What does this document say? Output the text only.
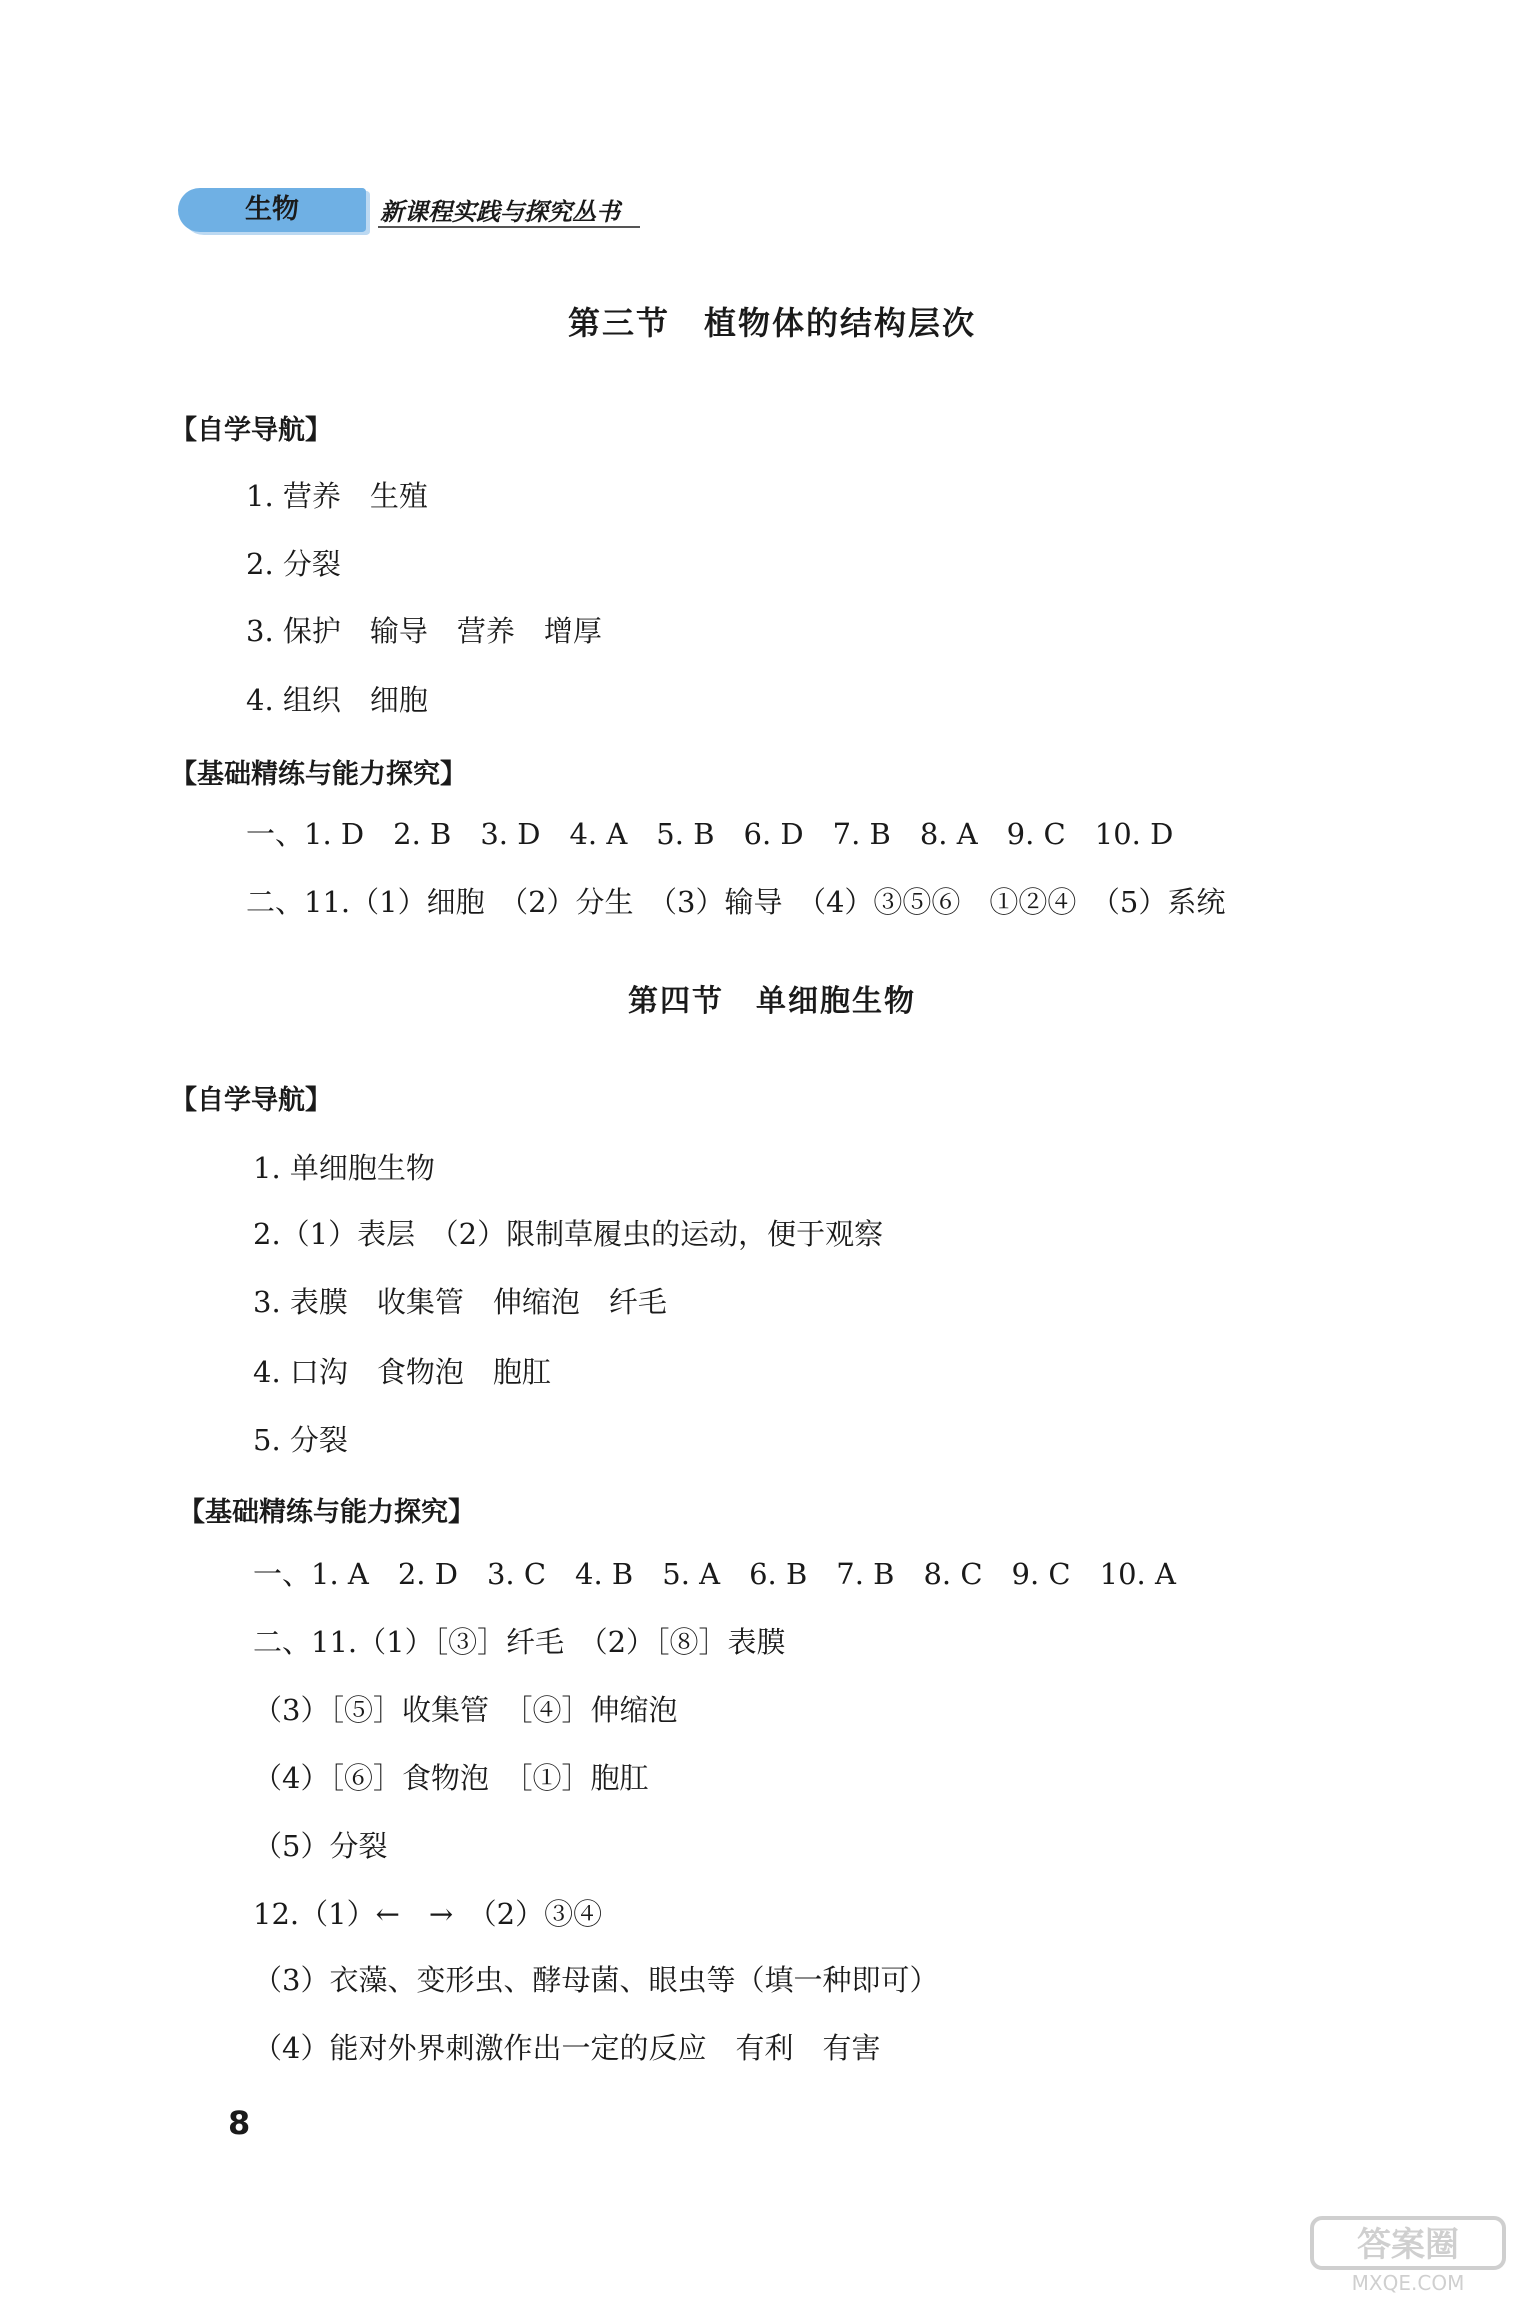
生物	新课程实践与探究丛书
第三节　植物体的结构层次
【自学导航】
1. 营养　生殖
2. 分裂
3. 保护　输导　营养　增厚
4. 组织　细胞
【基础精练与能力探究】
一、1. D　2. B　3. D　4. A　5. B　6. D　7. B　8. A　9. C　10. D
二、11.（1）细胞　（2）分生　（3）输导　（4）③⑤⑥　①②④　（5）系统
第四节　单细胞生物
【自学导航】
1. 单细胞生物
2.（1）表层　（2）限制草履虫的运动，便于观察
3. 表膜　收集管　伸缩泡　纤毛
4. 口沟　食物泡　胞肛
5. 分裂
【基础精练与能力探究】
一、1. A　2. D　3. C　4. B　5. A　6. B　7. B　8. C　9. C　10. A
二、11.（1）［③］纤毛　（2）［⑧］表膜
（3）［⑤］收集管　［④］伸缩泡
（4）［⑥］食物泡　［①］胞肛
（5）分裂
12.（1）←　→　（2）③④
（3）衣藻、变形虫、酵母菌、眼虫等（填一种即可）
（4）能对外界刺激作出一定的反应　有利　有害
8
答案圈
MXQE.COM
